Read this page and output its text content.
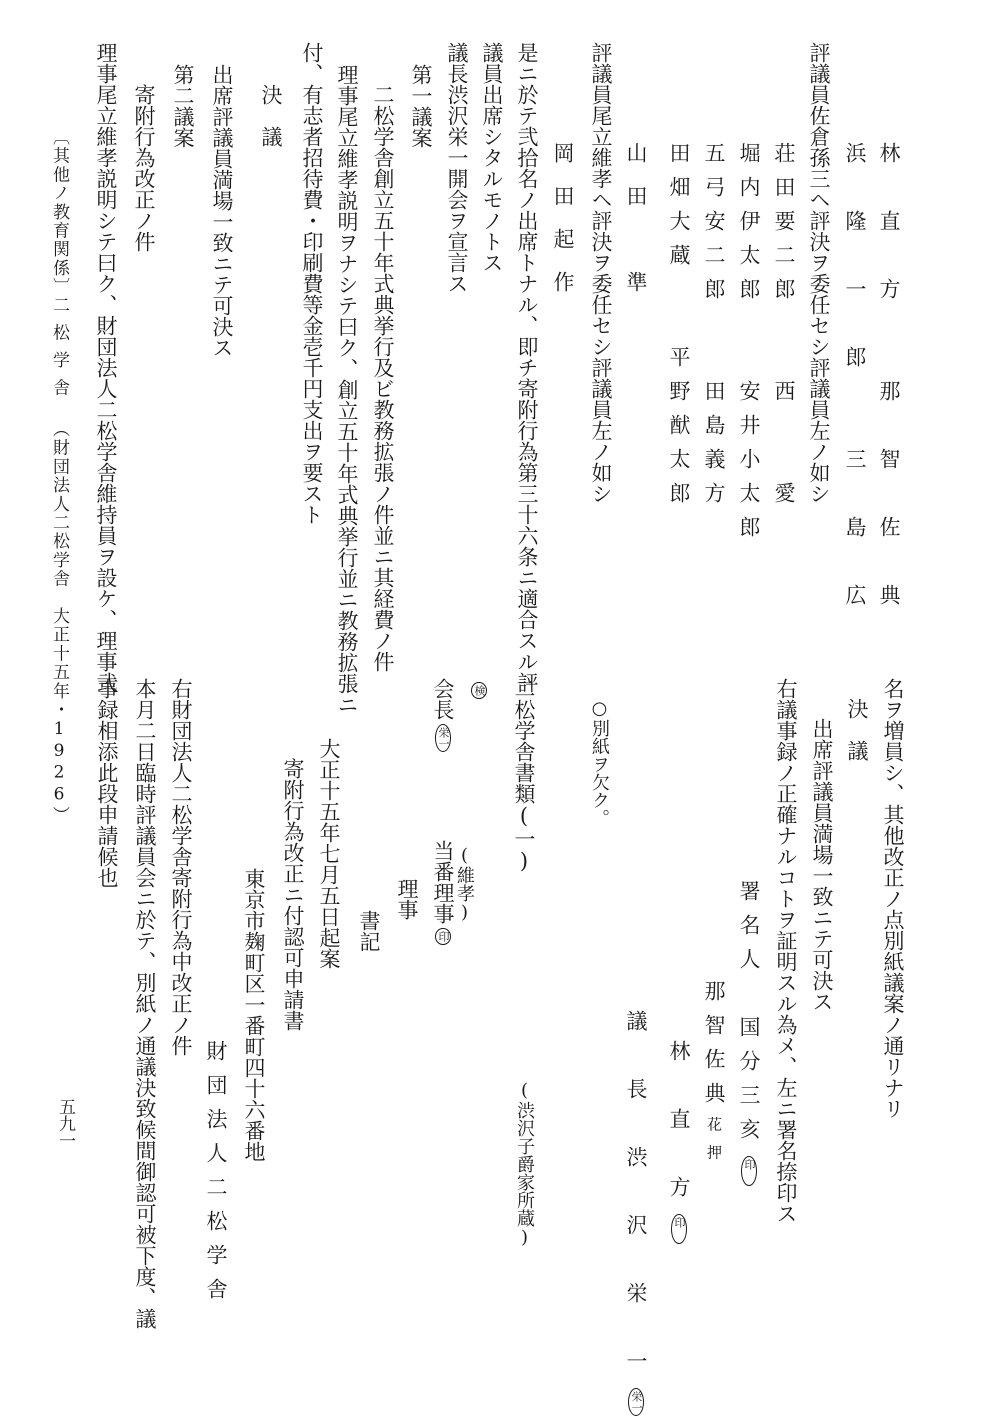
林　直　方　　那　智　佐　典
浜　隆　一　郎　　三　島　広
評議員佐倉孫三ヘ評決ヲ委任セシ評議員左ノ如シ
荘田要二郎　　西　　愛
堀内伊太郎　　安井小太郎
五弓安二郎　　田島義方
田畑大蔵　　平野猷太郎
山田　準
評議員尾立維孝ヘ評決ヲ委任セシ評議員左ノ如シ
岡田起作
是ニ於テ弐拾名ノ出席トナル、即チ寄附行為第三十六条ニ適合スル評
議員出席シタルモノトス
議長渋沢栄一開会ヲ宣言ス
第一議案
二松学舎創立五十年式典挙行及ビ教務拡張ノ件並ニ其経費ノ件
理事尾立維孝説明ヲナシテ曰ク、創立五十年式典挙行並ニ教務拡張ニ
付、有志者招待費・印刷費等金壱千円支出ヲ要スト
決　議
出席評議員満場一致ニテ可決ス
第二議案
寄附行為改正ノ件
理事尾立維孝説明シテ曰ク、財団法人二松学舎維持員ヲ設ケ、理事弐
名ヲ増員シ、其他改正ノ点別紙議案ノ通リナリ
決　議
出席評議員満場一致ニテ可決ス
右議事録ノ正確ナルコトヲ証明スル為メ、左ニ署名捺印ス
署名人　国分三亥印
那智佐典花押
林　直　方印
議　長　渋　沢　栄　一栄一
○別紙ヲ欠ク。
二松学舎書類(一)
(渋沢子爵家所蔵)
検
会長栄一
当番理事印
(維孝)
理事
書記
大正十五年七月五日起案
寄附行為改正ニ付認可申請書
東京市麹町区一番町四十六番地
財団法人二松学舎
右財団法人二松学舎寄附行為中改正ノ件
本月二日臨時評議員会ニ於テ、別紙ノ通議決致候間御認可被下度、議
事録相添此段申請候也
〔其他ノ教育関係〕
二松学舎
（財団法人二松学舎　大正十五年・1926）
五九一
